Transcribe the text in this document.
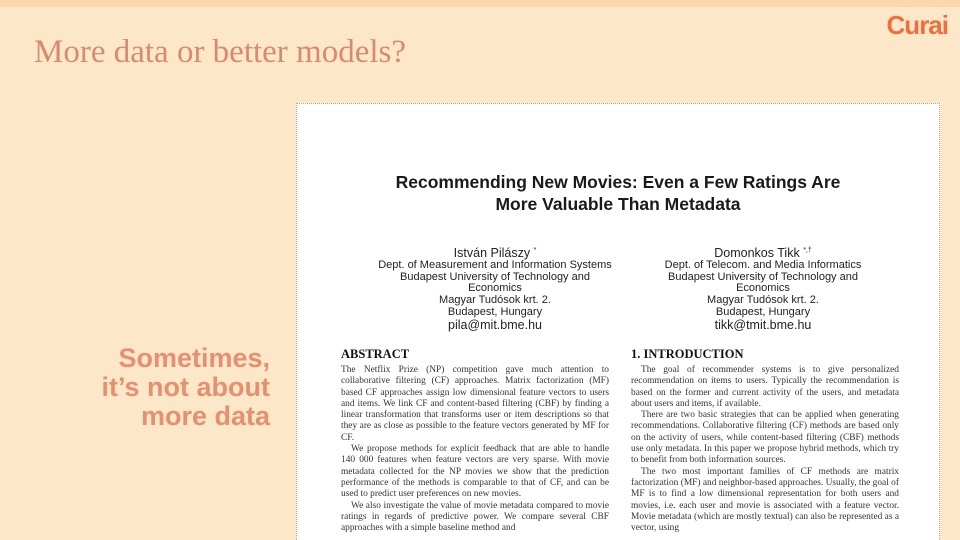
More data or better models?
Curai
Sometimes,
it’s not about
more data
Recommending New Movies: Even a Few Ratings Are
More Valuable Than Metadata
István Pilászy *
Dept. of Measurement and Information Systems
Budapest University of Technology and
Economics
Magyar Tudósok krt. 2.
Budapest, Hungary
pila@mit.bme.hu
Domonkos Tikk *,†
Dept. of Telecom. and Media Informatics
Budapest University of Technology and
Economics
Magyar Tudósok krt. 2.
Budapest, Hungary
tikk@tmit.bme.hu
ABSTRACT

The Netflix Prize (NP) competition gave much attention to collaborative filtering (CF) approaches. Matrix factorization (MF) based CF approaches assign low dimensional feature vectors to users and items. We link CF and content-based filtering (CBF) by finding a linear transformation that transforms user or item descriptions so that they are as close as possible to the feature vectors generated by MF for CF.

We propose methods for explicit feedback that are able to handle 140 000 features when feature vectors are very sparse. With movie metadata collected for the NP movies we show that the prediction performance of the methods is comparable to that of CF, and can be used to predict user preferences on new movies.

We also investigate the value of movie metadata compared to movie ratings in regards of predictive power. We compare several CBF approaches with a simple baseline method and

1. INTRODUCTION

The goal of recommender systems is to give personalized recommendation on items to users. Typically the recommendation is based on the former and current activity of the users, and metadata about users and items, if available.

There are two basic strategies that can be applied when generating recommendations. Collaborative filtering (CF) methods are based only on the activity of users, while content-based filtering (CBF) methods use only metadata. In this paper we propose hybrid methods, which try to benefit from both information sources.

The two most important families of CF methods are matrix factorization (MF) and neighbor-based approaches. Usually, the goal of MF is to find a low dimensional representation for both users and movies, i.e. each user and movie is associated with a feature vector. Movie metadata (which are mostly textual) can also be represented as a vector, using
